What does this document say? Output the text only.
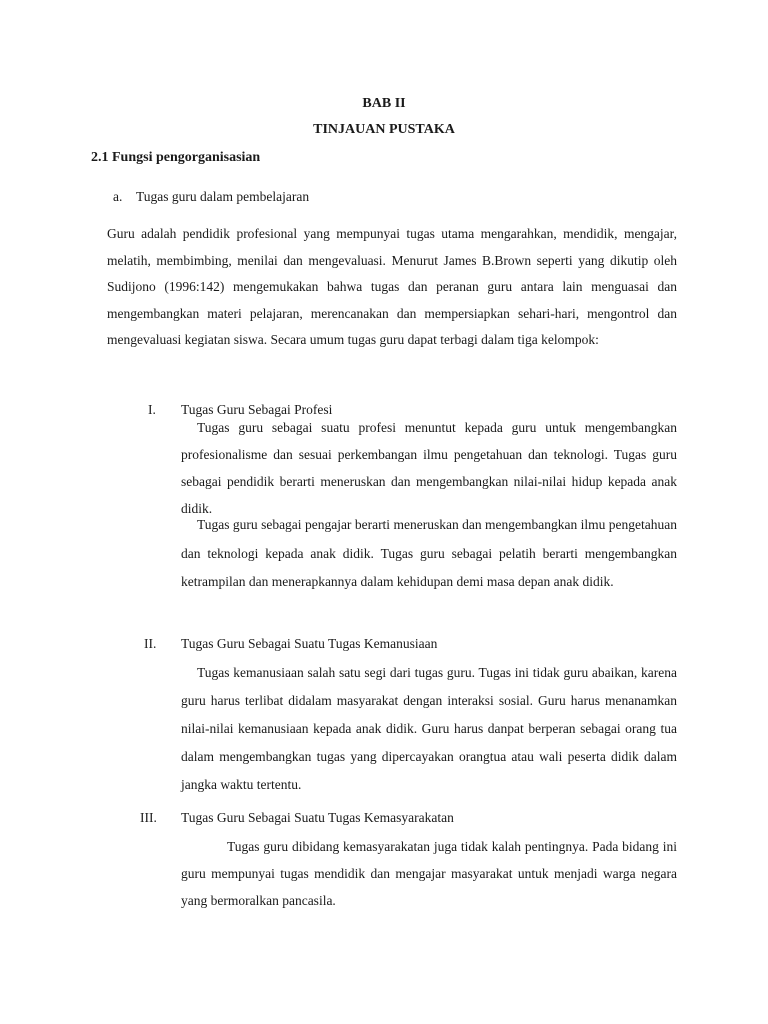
BAB II
TINJAUAN PUSTAKA
2.1 Fungsi pengorganisasian
a. Tugas guru dalam pembelajaran

Guru adalah pendidik profesional yang mempunyai tugas utama mengarahkan, mendidik, mengajar, melatih, membimbing, menilai dan mengevaluasi. Menurut James B.Brown seperti yang dikutip oleh Sudijono (1996:142) mengemukakan bahwa tugas dan peranan guru antara lain menguasai dan mengembangkan materi pelajaran, merencanakan dan mempersiapkan sehari-hari, mengontrol dan mengevaluasi kegiatan siswa. Secara umum tugas guru dapat terbagi dalam tiga kelompok:

I.	Tugas Guru Sebagai Profesi

Tugas guru sebagai suatu profesi menuntut kepada guru untuk mengembangkan profesionalisme dan sesuai perkembangan ilmu pengetahuan dan teknologi. Tugas guru sebagai pendidik berarti meneruskan dan mengembangkan nilai-nilai hidup kepada anak didik.

Tugas guru sebagai pengajar berarti meneruskan dan mengembangkan ilmu pengetahuan dan teknologi kepada anak didik. Tugas guru sebagai pelatih berarti mengembangkan ketrampilan dan menerapkannya dalam kehidupan demi masa depan anak didik.

II.	Tugas Guru Sebagai Suatu Tugas Kemanusiaan

Tugas kemanusiaan salah satu segi dari tugas guru. Tugas ini tidak guru abaikan, karena guru harus terlibat didalam masyarakat dengan interaksi sosial. Guru harus menanamkan nilai-nilai kemanusiaan kepada anak didik. Guru harus danpat berperan sebagai orang tua dalam mengembangkan tugas yang dipercayakan orangtua atau wali peserta didik dalam jangka waktu tertentu.

III.	Tugas Guru Sebagai Suatu Tugas Kemasyarakatan

Tugas guru dibidang kemasyarakatan juga tidak kalah pentingnya. Pada bidang ini guru mempunyai tugas mendidik dan mengajar masyarakat untuk menjadi warga negara yang bermoralkan pancasila.
